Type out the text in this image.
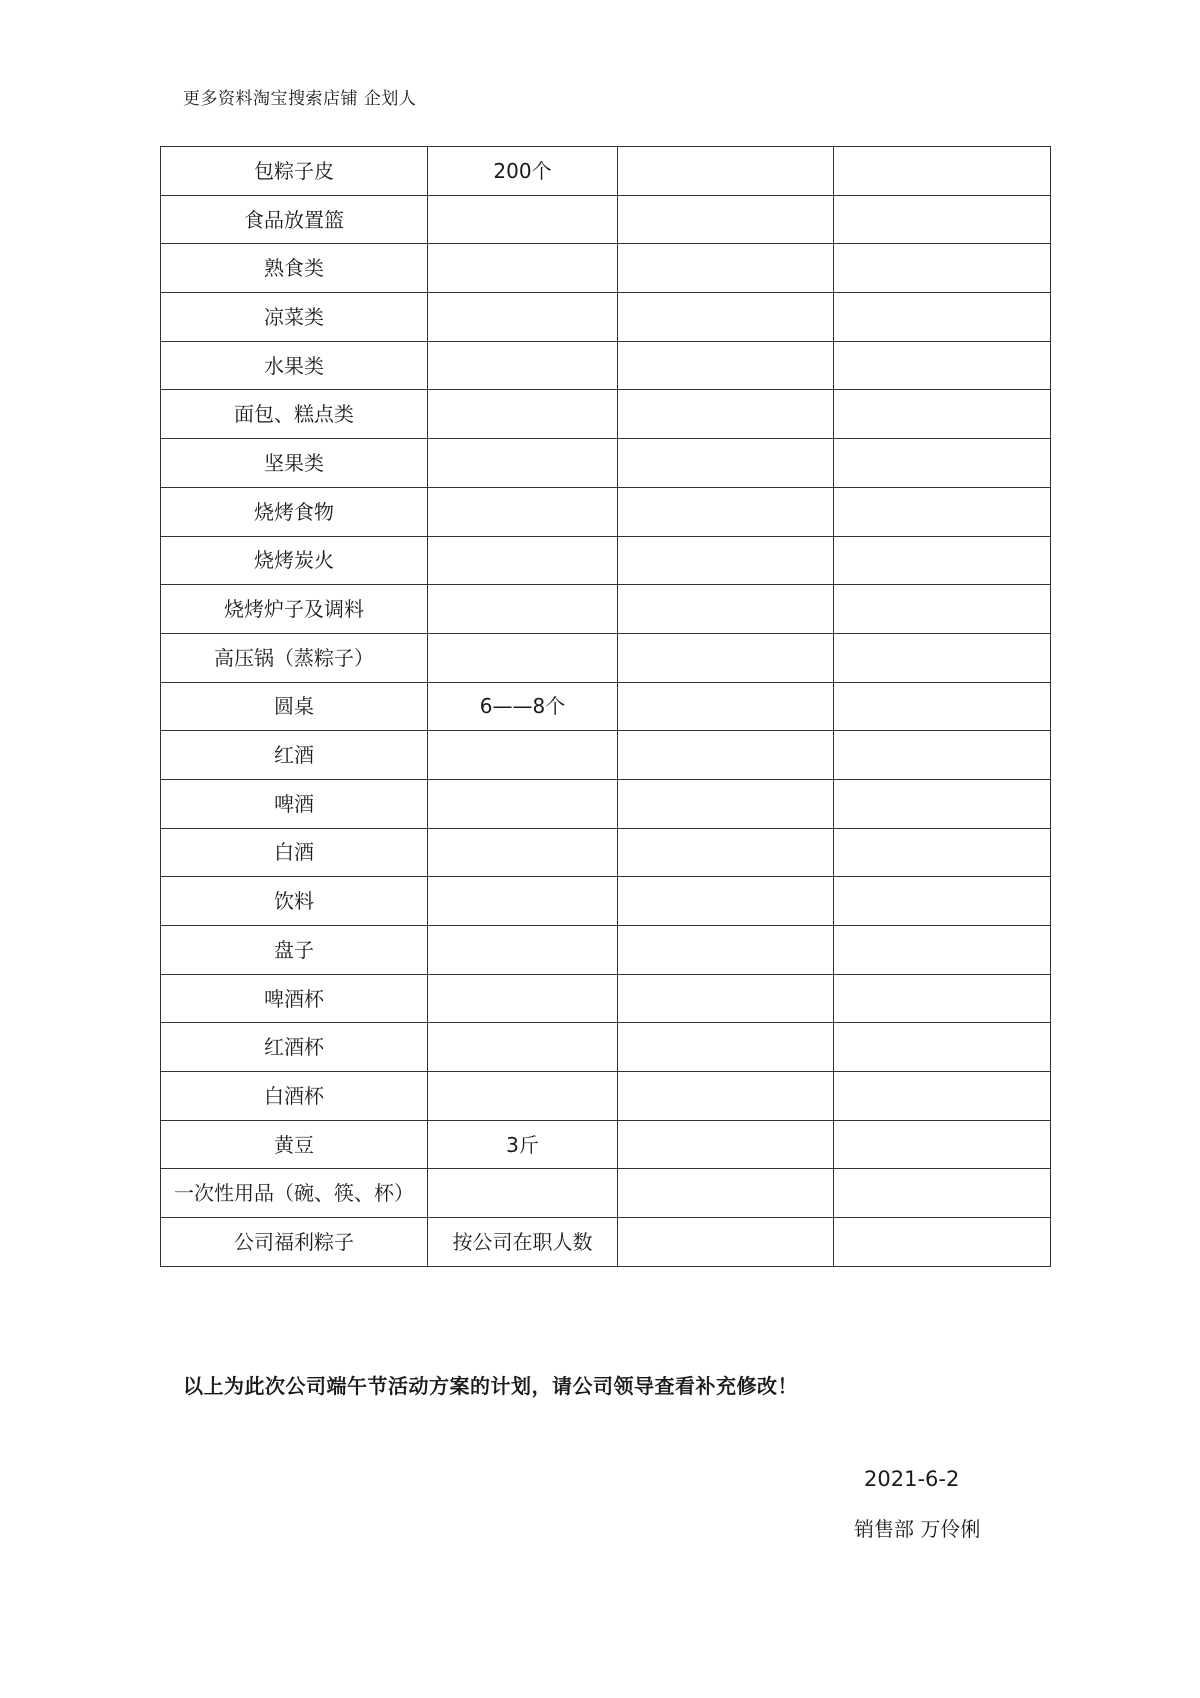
更多资料淘宝搜索店铺 企划人
包粽子皮	200个		
食品放置篮			
熟食类			
凉菜类			
水果类			
面包、糕点类			
坚果类			
烧烤食物			
烧烤炭火			
烧烤炉子及调料			
高压锅（蒸粽子）			
圆桌	6——8个		
红酒			
啤酒			
白酒			
饮料			
盘子			
啤酒杯			
红酒杯			
白酒杯			
黄豆	3斤		
一次性用品（碗、筷、杯）			
公司福利粽子	按公司在职人数		
以上为此次公司端午节活动方案的计划，请公司领导查看补充修改！
2021-6-2
销售部 万伶俐
